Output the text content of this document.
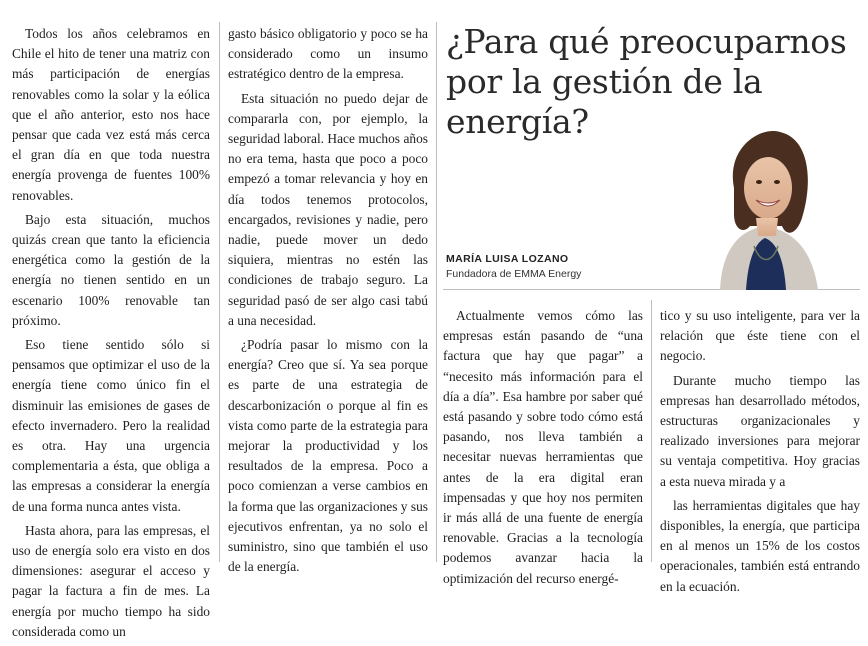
Todos los años celebramos en Chile el hito de tener una matriz con más participación de energías renovables como la solar y la eólica que el año anterior, esto nos hace pensar que cada vez está más cerca el gran día en que toda nuestra energía provenga de fuentes 100% renovables.

Bajo esta situación, muchos quizás crean que tanto la eficiencia energética como la gestión de la energía no tienen sentido en un escenario 100% renovable tan próximo.

Eso tiene sentido sólo si pensamos que optimizar el uso de la energía tiene como único fin el disminuir las emisiones de gases de efecto invernadero. Pero la realidad es otra. Hay una urgencia complementaria a ésta, que obliga a las empresas a considerar la energía de una forma nunca antes vista.

Hasta ahora, para las empresas, el uso de energía solo era visto en dos dimensiones: asegurar el acceso y pagar la factura a fin de mes. La energía por mucho tiempo ha sido considerada como un

gasto básico obligatorio y poco se ha considerado como un insumo estratégico dentro de la empresa.

Esta situación no puedo dejar de compararla con, por ejemplo, la seguridad laboral. Hace muchos años no era tema, hasta que poco a poco empezó a tomar relevancia y hoy en día todos tenemos protocolos, encargados, revisiones y nadie, pero nadie, puede mover un dedo siquiera, mientras no estén las condiciones de trabajo seguro. La seguridad pasó de ser algo casi tabú a una necesidad.

¿Podría pasar lo mismo con la energía? Creo que sí. Ya sea porque es parte de una estrategia de descarbonización o porque al fin es vista como parte de la estrategia para mejorar la productividad y los resultados de la empresa. Poco a poco comienzan a verse cambios en la forma que las organizaciones y sus ejecutivos enfrentan, ya no solo el suministro, sino que también el uso de la energía.

¿Para qué preocuparnos por la gestión de la energía?
MARÍA LUISA LOZANO
Fundadora de EMMA Energy

Actualmente vemos cómo las empresas están pasando de “una factura que hay que pagar” a “necesito más información para el día a día”. Esa hambre por saber qué está pasando y sobre todo cómo está pasando, nos lleva también a necesitar nuevas herramientas que antes de la era digital eran impensadas y que hoy nos permiten ir más allá de una fuente de energía renovable. Gracias a la tecnología podemos avanzar hacia la optimización del recurso energé-

tico y su uso inteligente, para ver la relación que éste tiene con el negocio.

Durante mucho tiempo las empresas han desarrollado métodos, estructuras organizacionales y realizado inversiones para mejorar su ventaja competitiva. Hoy gracias a esta nueva mirada y a

las herramientas digitales que hay disponibles, la energía, que participa en al menos un 15% de los costos operacionales, también está entrando en la ecuación.
